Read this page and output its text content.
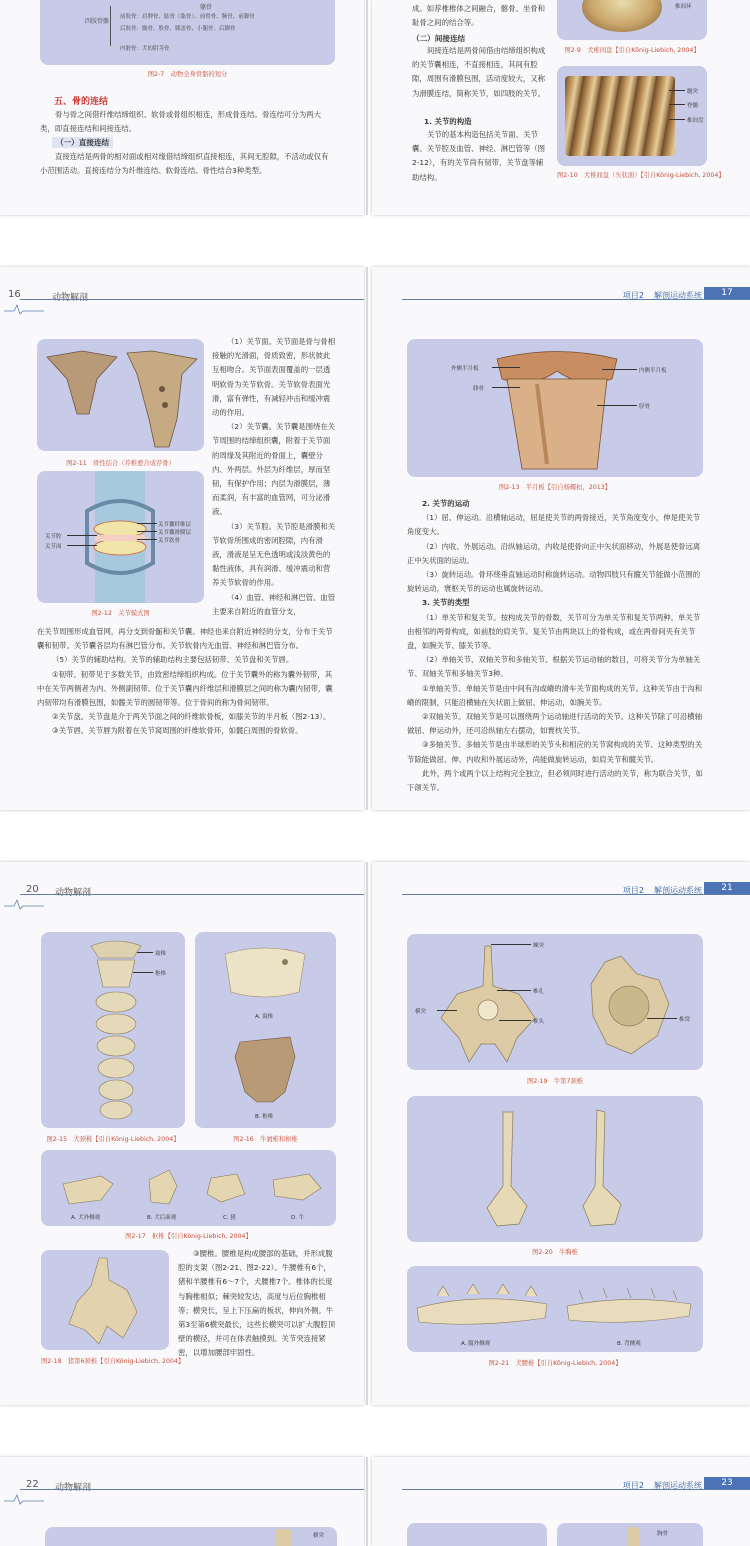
躯骨
四肢骨骼
前肢骨：肩胛骨、肱骨（肱骨）、前臂骨、腕骨、前脚骨
后肢骨：髋骨、股骨、膝盖骨、小腿骨、后脚骨
内脏骨：犬的阴茎骨
图2-7　动物全身骨骼的划分
五、骨的连结

骨与骨之间借纤维结缔组织、软骨或骨组织相连，形成骨连结。骨连结可分为两大类，即直接连结和间接连结。

（一）直接连结

直接连结是两骨的相对面或相对缘借结缔组织直接相连，其间无腔隙，不活动或仅有小范围活动。直接连结分为纤维连结、软骨连结、骨性结合3种类型。

成。如荐椎椎体之间融合，髂骨、坐骨和耻骨之间的结合等。

（二）间接连结

间接连结是两骨间借由结缔组织构成的关节囊相连，不直接相连，其间有腔隙，周围有滑膜包围，活动度较大，又称为滑膜连结，简称关节，如四肢的关节。

1. 关节的构造

关节的基本构造包括关节面、关节囊、关节腔及血管、神经、淋巴管等（图2-12），有的关节尚有韧带、关节盘等辅助结构。

椎间环
图2-9　犬椎间盘【引自König-Liebich, 2004】
髓突
脊髓
椎间盘
图2-10　犬椎间盘（矢状面）【引自König-Liebich, 2004】
16	动物解剖
图2-11　骨性结合（荐椎愈合成荐骨）
关节囊纤维层
关节囊滑膜层
关节软骨
关节腔
关节面
图2-12　关节模式图

（1）关节面。关节面是骨与骨相接触的光滑面，骨质致密，形状彼此互相吻合。关节面表面覆盖的一层透明软骨为关节软骨。关节软骨表面光滑，富有弹性，有减轻冲击和缓冲震动的作用。

（2）关节囊。关节囊是围绕在关节周围的结缔组织囊，附着于关节面的周缘及其附近的骨面上，囊壁分内、外两层。外层为纤维层，厚而坚韧，有保护作用；内层为滑膜层，薄而柔润，有丰富的血管网，可分泌滑液。

（3）关节腔。关节腔是滑膜和关节软骨所围成的密闭腔隙，内有滑液，滑液是呈无色透明或浅淡黄色的黏性液体，具有润滑、缓冲震动和营养关节软骨的作用。

（4）血管、神经和淋巴管。血管主要来自附近的血管分支，

在关节周围形成血管网，再分支到骨骺和关节囊。神经也来自附近神经的分支，分布于关节囊和韧带。关节囊各层均有淋巴管分布。关节软骨内无血管、神经和淋巴管分布。

（5）关节的辅助结构。关节的辅助结构主要包括韧带、关节盘和关节唇。

①韧带。韧带见于多数关节，由致密结缔组织构成。位于关节囊外的称为囊外韧带，其中在关节两侧者为内、外侧副韧带。位于关节囊内纤维层和滑膜层之间的称为囊内韧带，囊内韧带均有滑膜包围，如髋关节的圆韧带等。位于骨间的称为骨间韧带。

②关节盘。关节盘是介于两关节面之间的纤维软骨板，如膝关节的半月板（图2-13）。

③关节唇。关节唇为附着在关节窝周围的纤维软骨环，如髋臼周围的骨软骨。

项目2 解剖运动系统	17
外侧半月板
腓骨
内侧半月板
胫骨
图2-13　半月板【引自杨耀桓，2013】

2. 关节的运动

（1）屈、伸运动。沿横轴运动，屈是使关节的两骨接近，关节角度变小，伸是使关节角度变大。

（2）内收、外展运动。沿纵轴运动，内收是使骨向正中矢状面移动，外展是使骨远离正中矢状面的运动。

（3）旋转运动。骨环绕垂直轴运动时称旋转运动。动物四肢只有髋关节能做小范围的旋转运动，寰枢关节的运动也属旋转运动。

3. 关节的类型

（1）单关节和复关节。按构成关节的骨数，关节可分为单关节和复关节两种。单关节由相邻的两骨构成，如前肢的肩关节。复关节由两块以上的骨构成，或在两骨间夹有关节盘，如腕关节、膝关节等。

（2）单轴关节、双轴关节和多轴关节。根据关节运动轴的数目，可将关节分为单轴关节、双轴关节和多轴关节3种。

①单轴关节。单轴关节是由中间有沟或嵴的滑车关节面构成的关节。这种关节由于沟和嵴的限制，只能沿横轴在矢状面上做屈、伸运动，如腕关节。

②双轴关节。双轴关节是可以围绕两个运动轴进行活动的关节。这种关节除了可沿横轴做屈、伸运动外，还可沿纵轴左右摆动，如寰枕关节。

③多轴关节。多轴关节是由半球形的关节头和相应的关节窝构成的关节。这种类型的关节除能做屈、伸、内收和外展运动外，尚能做旋转运动，如肩关节和髋关节。

此外，两个或两个以上结构完全独立，但必须同时进行活动的关节，称为联合关节，如下颌关节。

20 动物解剖
寰椎
枢椎
图2-15　犬颈椎【引自König-Liebich, 2004】
A. 寰椎
B. 枢椎
图2-16　牛寰椎和枢椎
A. 犬外侧观	B. 犬后面观	C. 猪	D. 牛
图2-17　枢椎【引自König-Liebich, 2004】
图2-18　猪第6颈椎【引自König-Liebich, 2004】

③腰椎。腰椎是构成腰部的基础，并形成腹腔的支架（图2-21、图2-22）。牛腰椎有6个，猪和羊腰椎有6～7个，犬腰椎7个。椎体的长度与胸椎相似；棘突较发达，高度与后位胸椎相等；横突长，呈上下压扁的板状，伸向外侧。牛第3至第6横突最长，这些长横突可以扩大腹腔顶壁的横径，并可在体表触摸到。关节突连接紧密，以增加腰部牢固性。

项目2 解剖运动系统	21
棘突
横突
椎孔
椎头	椎窝
图2-19　牛第7颈椎
图2-20　牛胸椎
A. 腹外侧观	B. 背侧观
图2-21　犬腰椎【引自König-Liebich, 2004】
22 动物解剖
横突
项目2 解剖运动系统	23
胸骨
